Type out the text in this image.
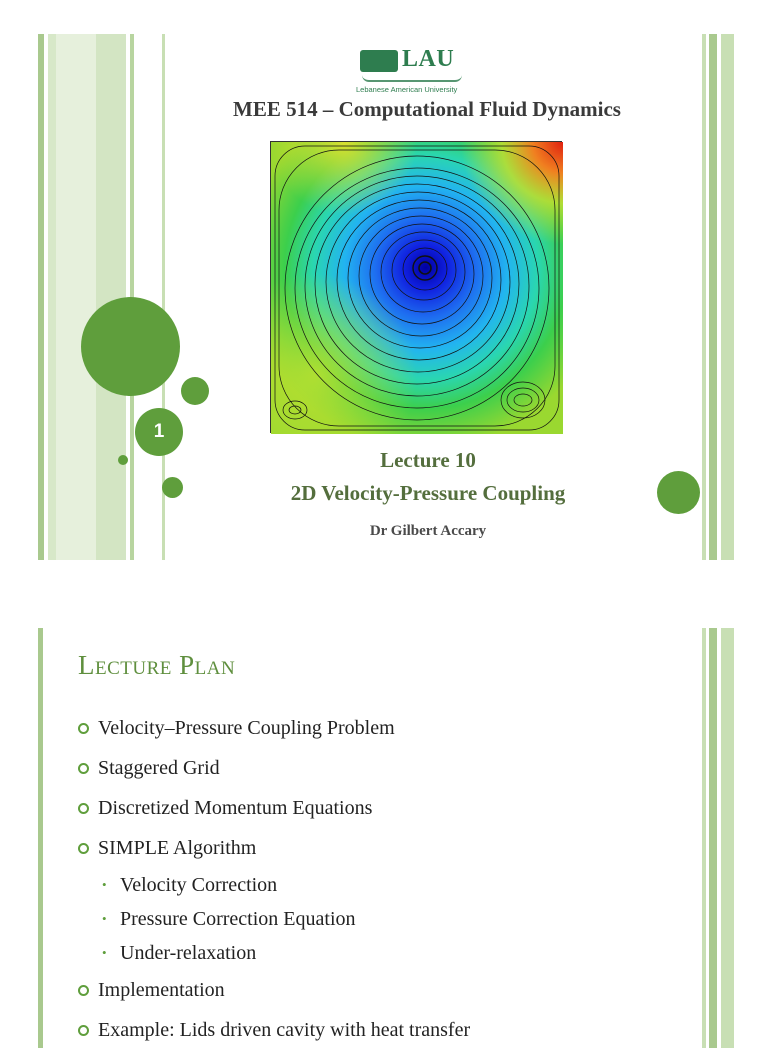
LAU
Lebanese American University
MEE 514 – Computational Fluid Dynamics
1
Lecture 10
2D Velocity-Pressure Coupling
Dr Gilbert Accary
Lecture Plan
Velocity–Pressure Coupling Problem
Staggered Grid
Discretized Momentum Equations
SIMPLE Algorithm
• Velocity Correction
• Pressure Correction Equation
• Under-relaxation
Implementation
Example: Lids driven cavity with heat transfer
